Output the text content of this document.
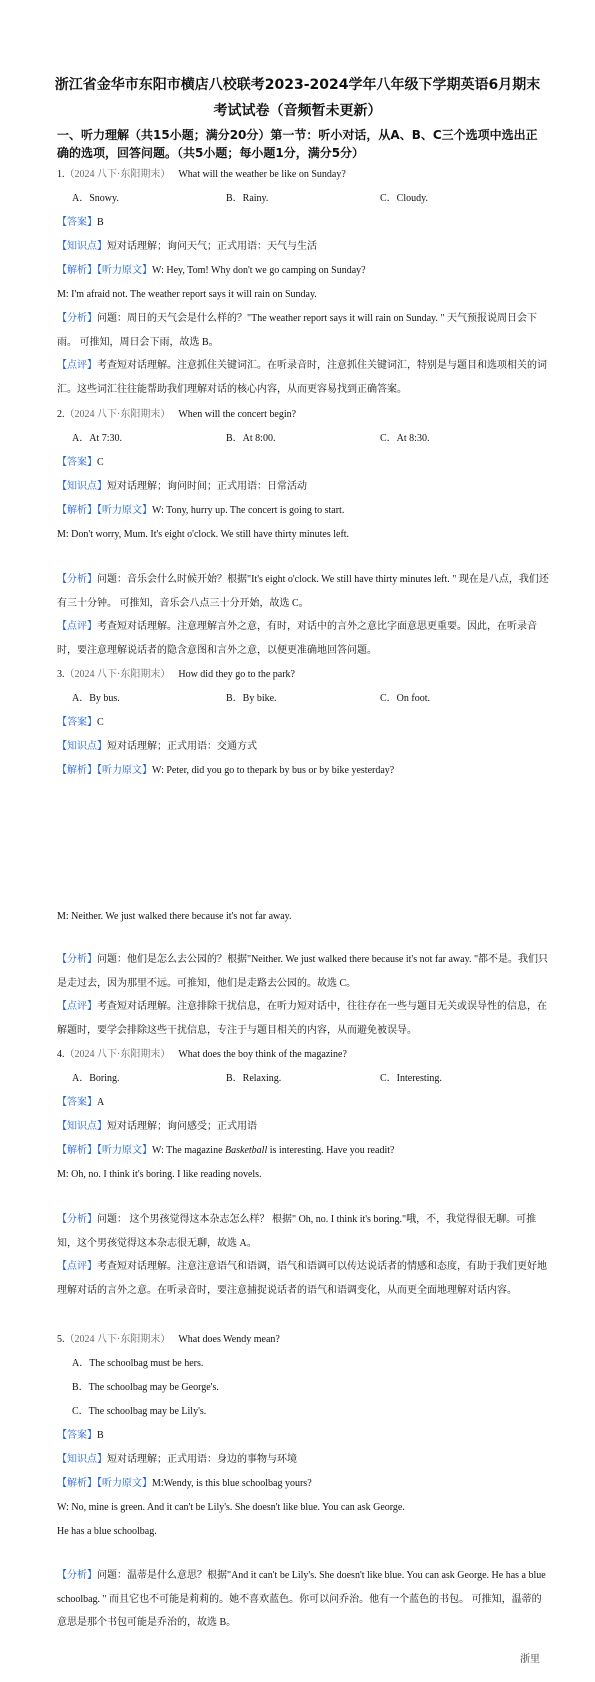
浙江省金华市东阳市横店八校联考2023-2024学年八年级下学期英语6月期末
考试试卷（音频暂未更新）
一、听力理解（共15小题；满分20分）第一节：听小对话，从A、B、C三个选项中选出正
确的选项，回答问题。（共5小题；每小题1分，满分5分）
1.（2024 八下·东阳期末） What will the weather be like on Sunday?
A．Snowy.	B．Rainy.	C．Cloudy.
【答案】B
【知识点】短对话理解；询问天气；正式用语：天气与生活
【解析】【听力原文】W: Hey, Tom! Why don't we go camping on Sunday?
M: I'm afraid not. The weather report says it will rain on Sunday.
【分析】问题：周日的天气会是什么样的？"The weather report says it will rain on Sunday. " 天气预报说周日会下雨。 可推知，周日会下雨，故选 B。
【点评】考查短对话理解。注意抓住关键词汇。在听录音时，注意抓住关键词汇，特别是与题目和选项相关的词汇。这些词汇往往能帮助我们理解对话的核心内容，从而更容易找到正确答案。
2.（2024 八下·东阳期末） When will the concert begin?
A．At 7:30.	B．At 8:00.	C．At 8:30.
【答案】C
【知识点】短对话理解；询问时间；正式用语：日常活动
【解析】【听力原文】W: Tony, hurry up. The concert is going to start.
M: Don't worry, Mum. It's eight o'clock. We still have thirty minutes left.
【分析】问题：音乐会什么时候开始？根据"It's eight o'clock. We still have thirty minutes left. " 现在是八点，我们还有三十分钟。 可推知，音乐会八点三十分开始，故选 C。
【点评】考查短对话理解。注意理解言外之意，有时，对话中的言外之意比字面意思更重要。因此，在听录音时，要注意理解说话者的隐含意图和言外之意，以便更准确地回答问题。
3.（2024 八下·东阳期末） How did they go to the park?
A．By bus.	B．By bike.	C．On foot.
【答案】C
【知识点】短对话理解；正式用语：交通方式
【解析】【听力原文】W: Peter, did you go to thepark by bus or by bike yesterday?
M: Neither. We just walked there because it's not far away.
【分析】问题：他们是怎么去公园的？根据"Neither. We just walked there because it's not far away. "都不是。我们只是走过去，因为那里不远。可推知，他们是走路去公园的。故选 C。
【点评】考查短对话理解。注意排除干扰信息，在听力短对话中，往往存在一些与题目无关或误导性的信息，在解题时，要学会排除这些干扰信息，专注于与题目相关的内容，从而避免被误导。
4.（2024 八下·东阳期末） What does the boy think of the magazine?
A．Boring.	B．Relaxing.	C．Interesting.
【答案】A
【知识点】短对话理解；询问感受；正式用语
【解析】【听力原文】W: The magazine Basketball is interesting. Have you readit?
M: Oh, no. I think it's boring. I like reading novels.
【分析】问题： 这个男孩觉得这本杂志怎么样？ 根据" Oh, no. I think it's boring."哦，不，我觉得很无聊。可推知，这个男孩觉得这本杂志很无聊，故选 A。
【点评】考查短对话理解。注意注意语气和语调，语气和语调可以传达说话者的情感和态度，有助于我们更好地理解对话的言外之意。在听录音时，要注意捕捉说话者的语气和语调变化，从而更全面地理解对话内容。
5.（2024 八下·东阳期末） What does Wendy mean?
A．The schoolbag must be hers.
B．The schoolbag may be George's.
C．The schoolbag may be Lily's.
【答案】B
【知识点】短对话理解；正式用语：身边的事物与环境
【解析】【听力原文】M:Wendy, is this blue schoolbag yours?
W: No, mine is green. And it can't be Lily's. She doesn't like blue. You can ask George.
He has a blue schoolbag.
【分析】问题：温蒂是什么意思？根据"And it can't be Lily's. She doesn't like blue. You can ask George. He has a blue schoolbag. " 而且它也不可能是莉莉的。她不喜欢蓝色。你可以问乔治。他有一个蓝色的书包。 可推知，温蒂的意思是那个书包可能是乔治的，故选 B。
浙里
